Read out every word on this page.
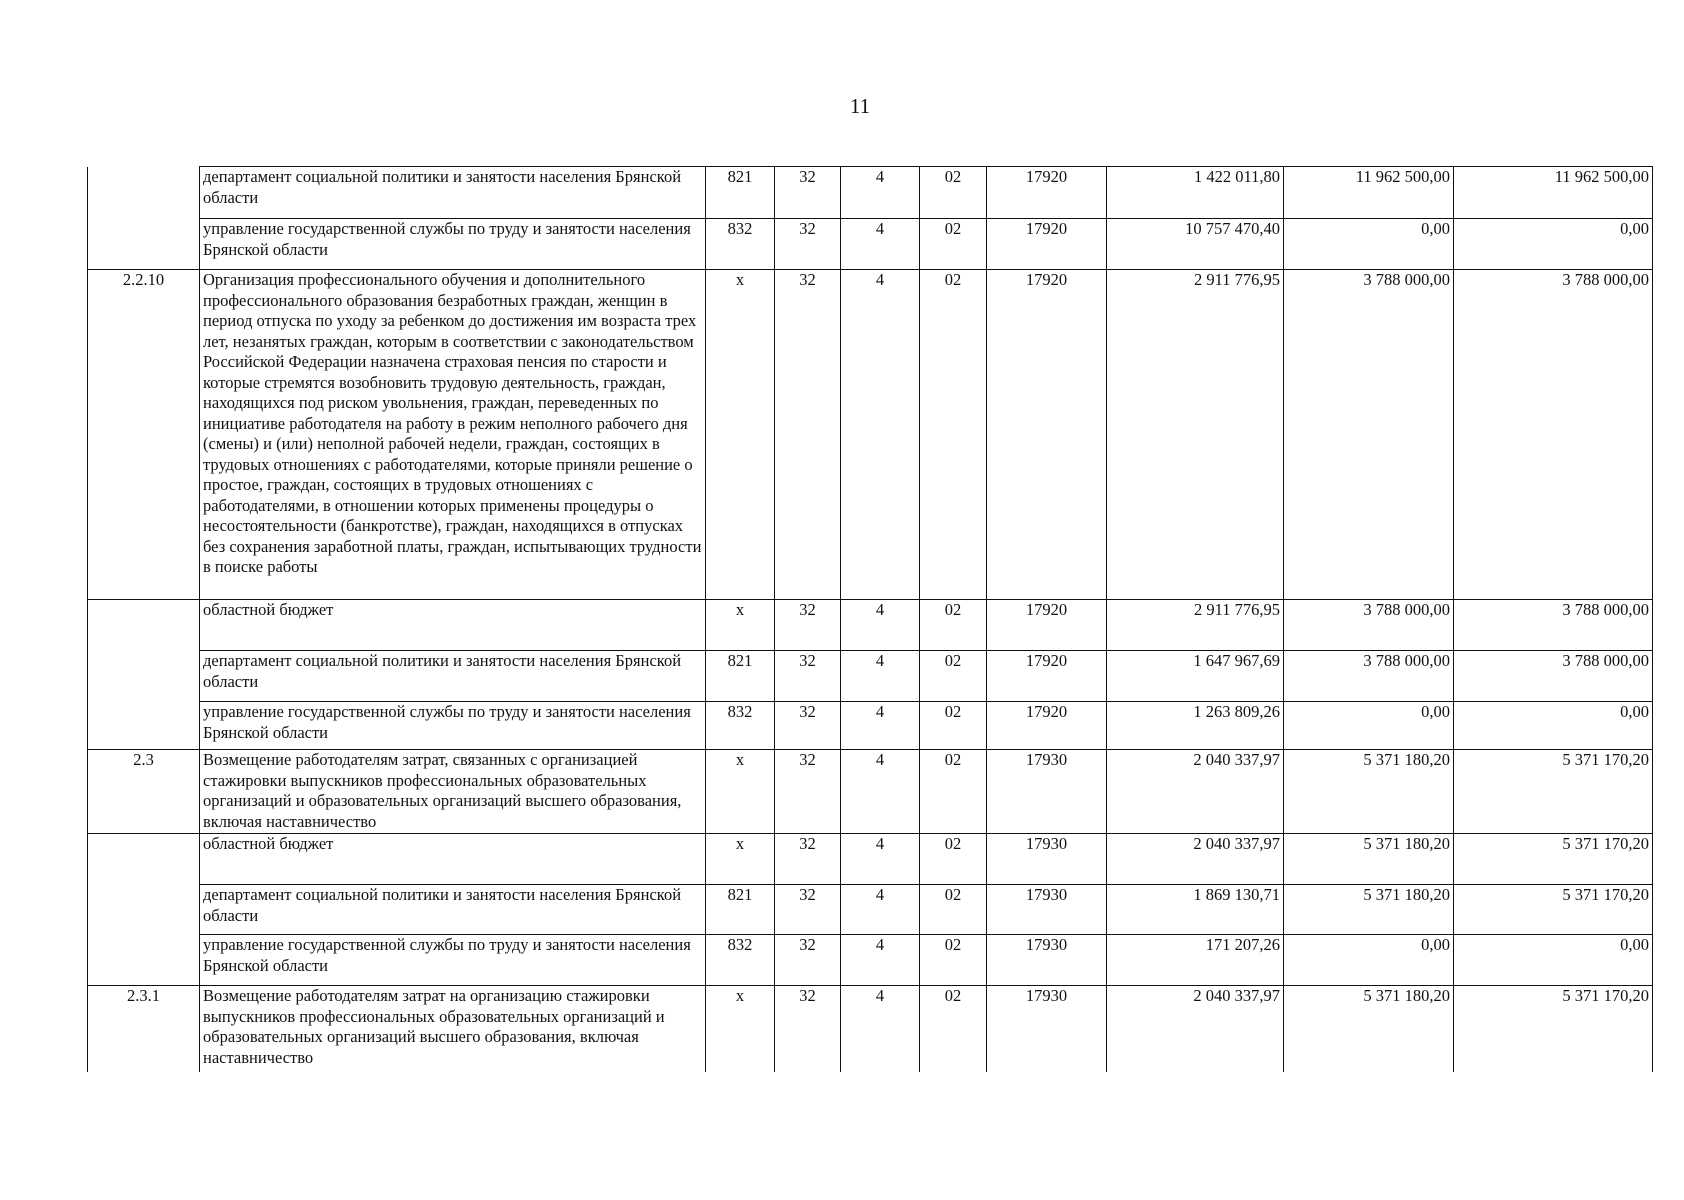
11
	департамент социальной политики и занятости населения Брянской области	821	32	4	02	17920	1 422 011,80	11 962 500,00	11 962 500,00
	управление государственной службы по труду и занятости населения Брянской области	832	32	4	02	17920	10 757 470,40	0,00	0,00
2.2.10	Организация профессионального обучения и дополнительного профессионального образования безработных граждан, женщин в период отпуска по уходу за ребенком до достижения им возраста трех лет, незанятых граждан, которым в соответствии с законодательством Российской Федерации назначена страховая пенсия по старости и которые стремятся возобновить трудовую деятельность, граждан, находящихся под риском увольнения, граждан, переведенных по инициативе работодателя на работу в режим неполного рабочего дня (смены) и (или) неполной рабочей недели, граждан, состоящих в трудовых отношениях с работодателями, которые приняли решение о простое, граждан, состоящих в трудовых отношениях с работодателями, в отношении которых применены процедуры о несостоятельности (банкротстве), граждан, находящихся в отпусках без сохранения заработной платы, граждан, испытывающих трудности в поиске работы	х	32	4	02	17920	2 911 776,95	3 788 000,00	3 788 000,00
	областной бюджет	х	32	4	02	17920	2 911 776,95	3 788 000,00	3 788 000,00
	департамент социальной политики и занятости населения Брянской области	821	32	4	02	17920	1 647 967,69	3 788 000,00	3 788 000,00
	управление государственной службы по труду и занятости населения Брянской области	832	32	4	02	17920	1 263 809,26	0,00	0,00
2.3	Возмещение работодателям затрат, связанных с организацией стажировки выпускников профессиональных образовательных организаций и образовательных организаций высшего образования, включая наставничество	х	32	4	02	17930	2 040 337,97	5 371 180,20	5 371 170,20
	областной бюджет	х	32	4	02	17930	2 040 337,97	5 371 180,20	5 371 170,20
	департамент социальной политики и занятости населения Брянской области	821	32	4	02	17930	1 869 130,71	5 371 180,20	5 371 170,20
	управление государственной службы по труду и занятости населения Брянской области	832	32	4	02	17930	171 207,26	0,00	0,00
2.3.1	Возмещение работодателям затрат на организацию стажировки выпускников профессиональных образовательных организаций и образовательных организаций высшего образования, включая наставничество	х	32	4	02	17930	2 040 337,97	5 371 180,20	5 371 170,20
